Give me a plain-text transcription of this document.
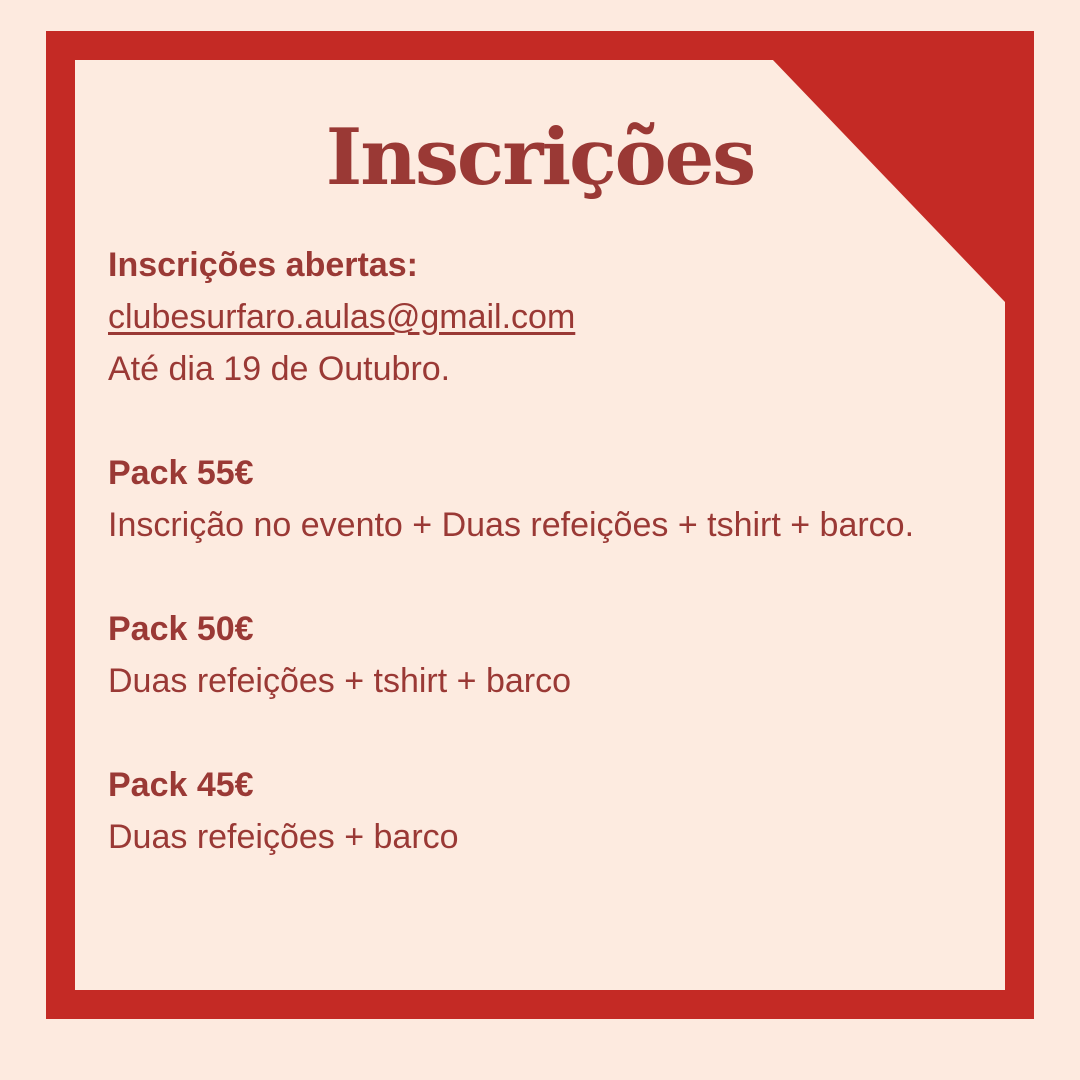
Inscrições

Inscrições abertas:

clubesurfaro.aulas@gmail.com

Até dia 19 de Outubro.

Pack 55€

Inscrição no evento + Duas refeições + tshirt + barco.

Pack 50€

Duas refeições + tshirt + barco

Pack 45€

Duas refeições + barco
